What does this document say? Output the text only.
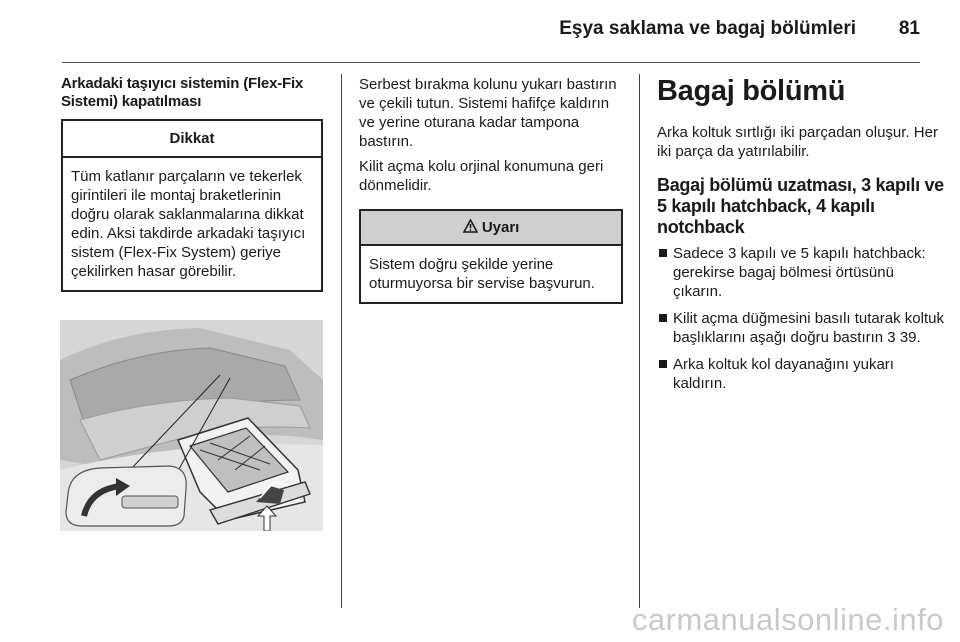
Eşya saklama ve bagaj bölümleri 81

Arkadaki taşıyıcı sistemin (Flex-Fix Sistemi) kapatılması

Dikkat
Tüm katlanır parçaların ve tekerlek girintileri ile montaj braketlerinin doğru olarak saklanmalarına dikkat edin. Aksi takdirde arkadaki taşıyıcı sistem (Flex-Fix System) geriye çekilirken hasar görebilir.

Serbest bırakma kolunu yukarı bastırın ve çekili tutun. Sistemi hafifçe kaldırın ve yerine oturana kadar tampona bastırın.

Kilit açma kolu orjinal konumuna geri dönmelidir.

Uyarı
Sistem doğru şekilde yerine oturmuyorsa bir servise başvurun.
Bagaj bölümü

Arka koltuk sırtlığı iki parçadan oluşur. Her iki parça da yatırılabilir.

Bagaj bölümü uzatması, 3 kapılı ve 5 kapılı hatchback, 4 kapılı notchback
Sadece 3 kapılı ve 5 kapılı hatchback: gerekirse bagaj bölmesi örtüsünü çıkarın.
Kilit açma düğmesini basılı tutarak koltuk başlıklarını aşağı doğru bastırın 3 39.
Arka koltuk kol dayanağını yukarı kaldırın.
carmanualsonline.info
